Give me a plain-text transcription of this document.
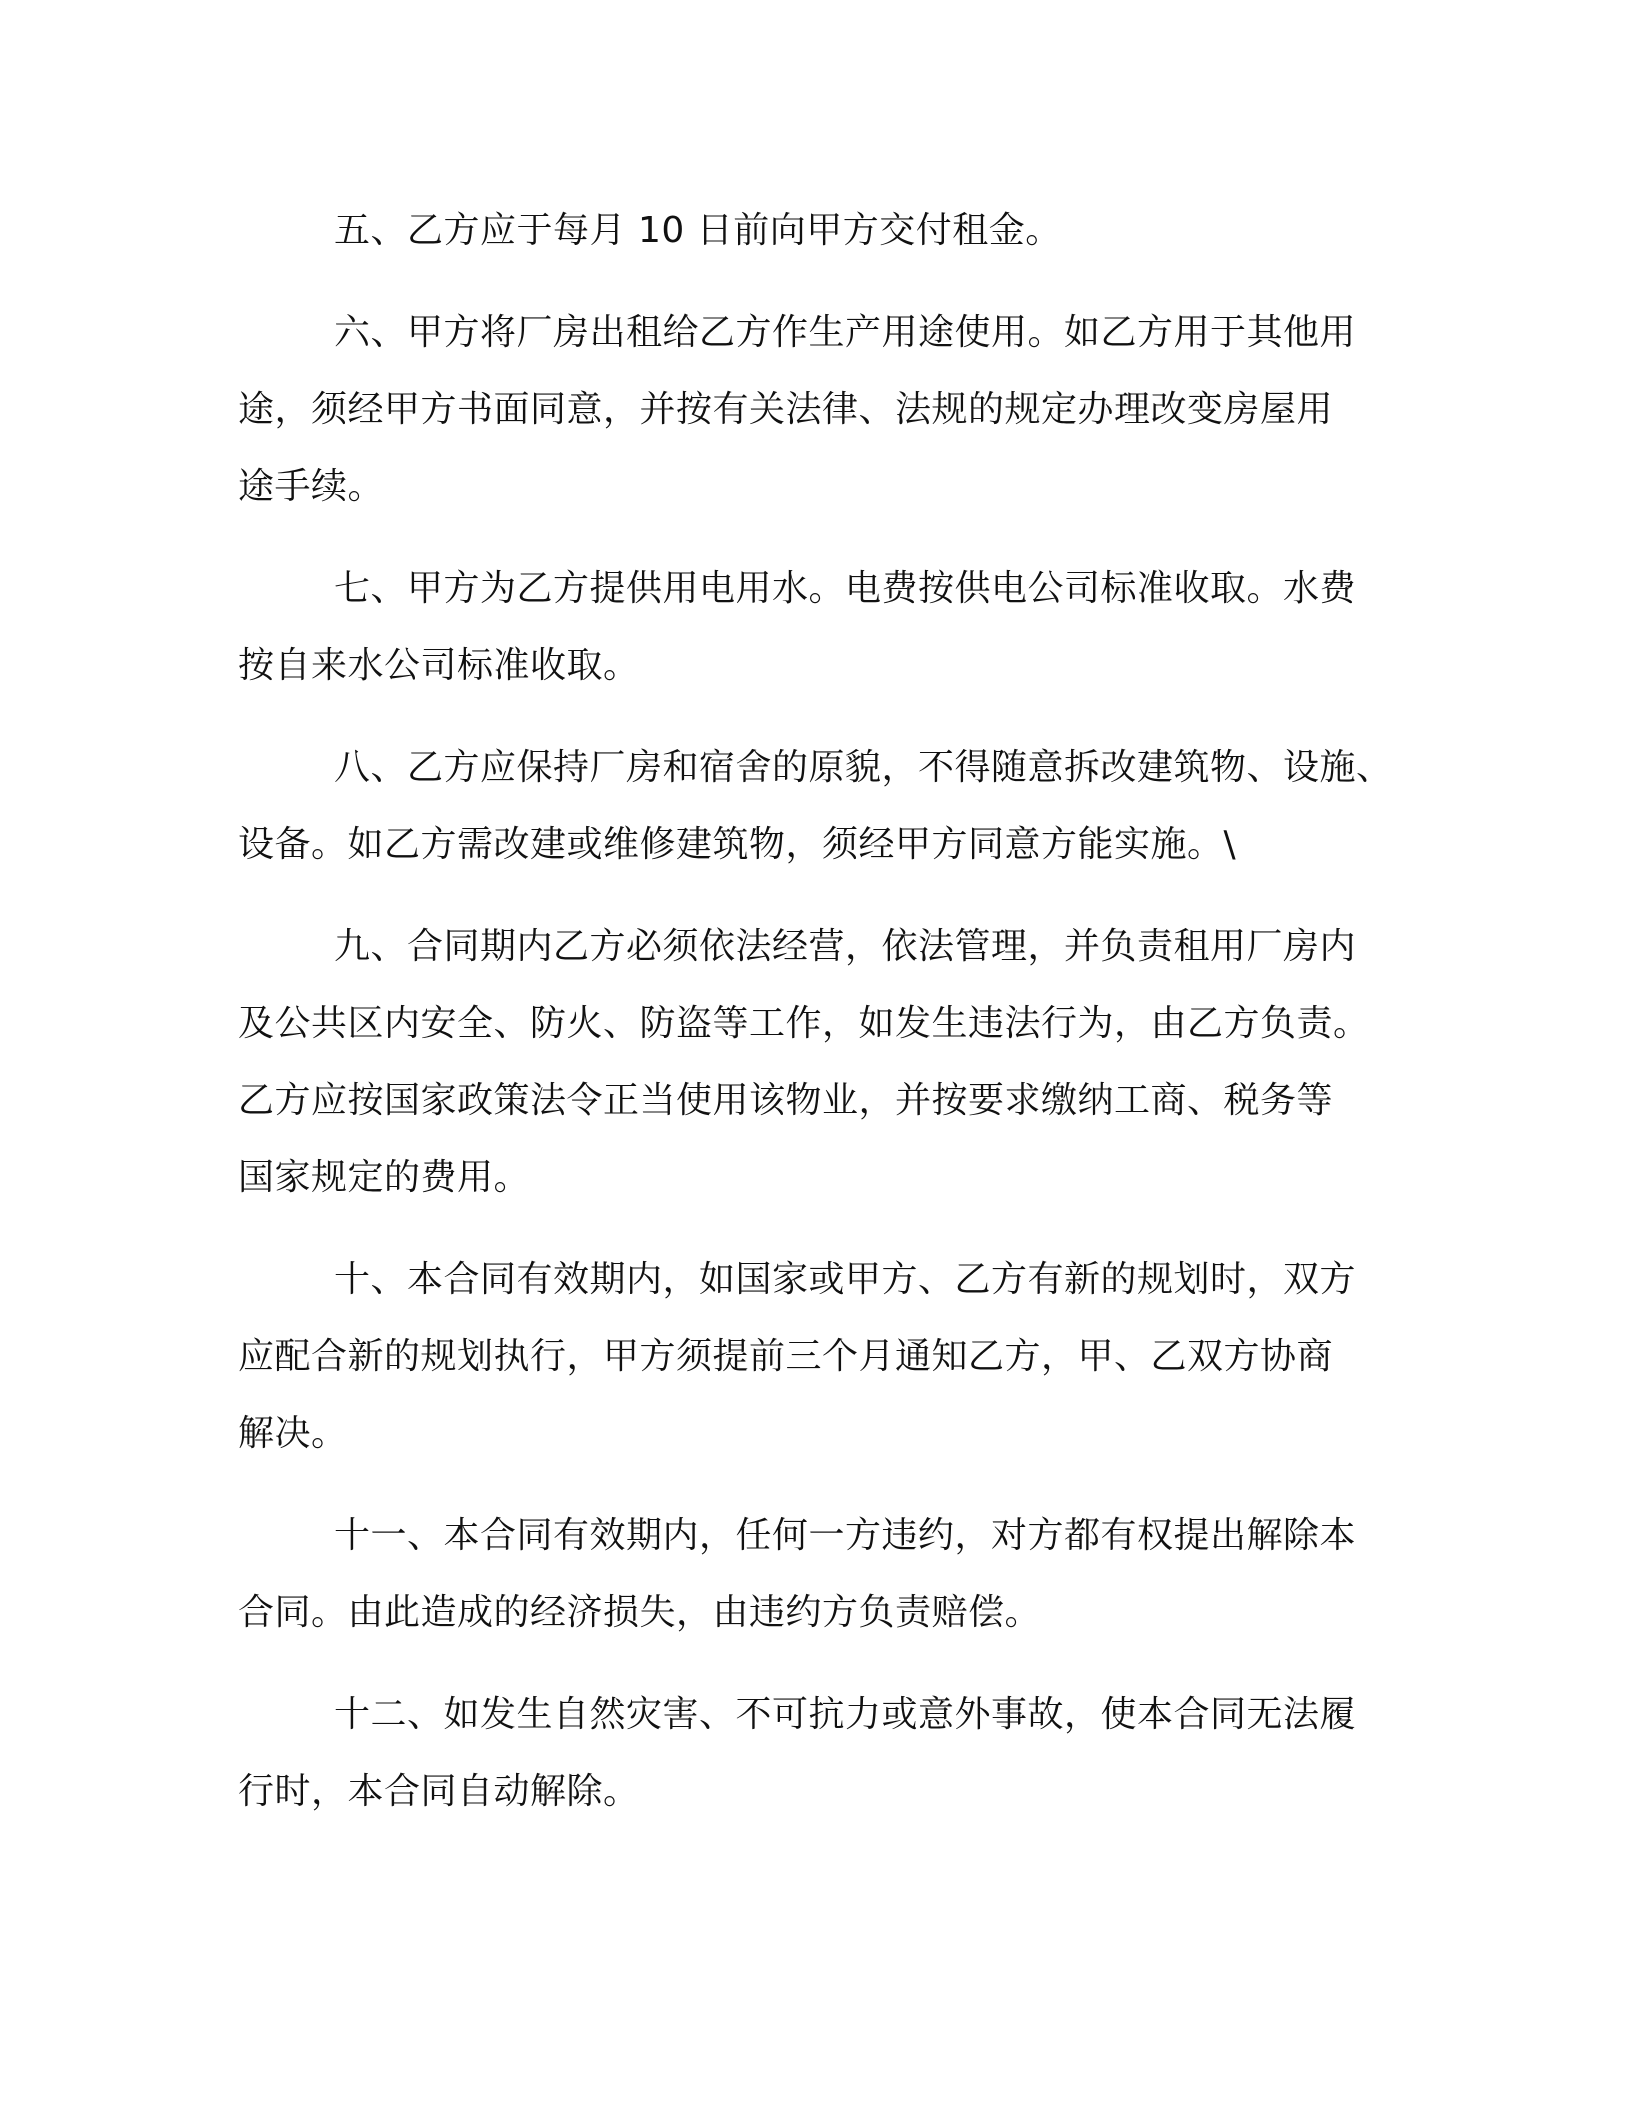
五、乙方应于每月 10 日前向甲方交付租金。

六、甲方将厂房出租给乙方作生产用途使用。如乙方用于其他用
途，须经甲方书面同意，并按有关法律、法规的规定办理改变房屋用
途手续。

七、甲方为乙方提供用电用水。电费按供电公司标准收取。水费
按自来水公司标准收取。

八、乙方应保持厂房和宿舍的原貌，不得随意拆改建筑物、设施、
设备。如乙方需改建或维修建筑物，须经甲方同意方能实施。\

九、合同期内乙方必须依法经营，依法管理，并负责租用厂房内
及公共区内安全、防火、防盗等工作，如发生违法行为，由乙方负责。
乙方应按国家政策法令正当使用该物业，并按要求缴纳工商、税务等
国家规定的费用。

十、本合同有效期内，如国家或甲方、乙方有新的规划时，双方
应配合新的规划执行，甲方须提前三个月通知乙方，甲、乙双方协商
解决。

十一、本合同有效期内，任何一方违约，对方都有权提出解除本
合同。由此造成的经济损失，由违约方负责赔偿。

十二、如发生自然灾害、不可抗力或意外事故，使本合同无法履
行时，本合同自动解除。
